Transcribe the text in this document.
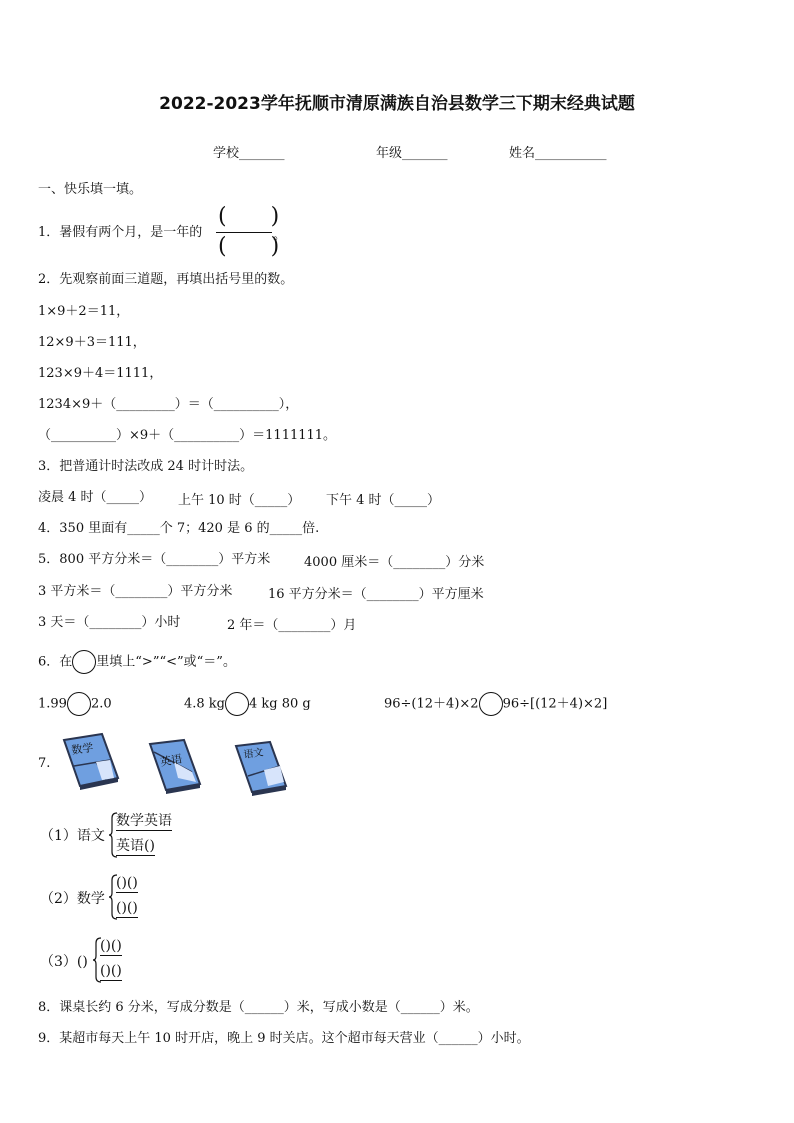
2022-2023学年抚顺市清原满族自治县数学三下期末经典试题
学校_______	年级_______	姓名___________
一、快乐填一填。
1．暑假有两个月，是一年的
(　　)
(　　)
。
2．先观察前面三道题，再填出括号里的数。
1×9＋2＝11，
12×9＋3＝111，
123×9＋4＝1111，
1234×9＋（_________）＝（__________），
（__________）×9＋（__________）＝1111111。
3．把普通计时法改成 24 时计时法。
凌晨 4 时（_____） 上午 10 时（_____） 下午 4 时（_____）
4．350 里面有_____个 7；420 是 6 的_____倍.
5．800 平方分米＝（________）平方米	4000 厘米＝（________）分米
3 平方米＝（________）平方分米	16 平方分米＝（________）平方厘米
3 天＝（________）小时	2 年＝（________）月
6．在 里填上“>”“<”或“＝”。
1.99 2.0	4.8 kg 4 kg 80 g	96÷(12＋4)×2 96÷[(12＋4)×2]
7.
数学
英语	语文
（1）语文
数学英语
英语()
（2）数学
()()
()()
（3）()
()()
()()
8．课桌长约 6 分米，写成分数是（______）米，写成小数是（______）米。
9．某超市每天上午 10 时开店，晚上 9 时关店。这个超市每天营业（______）小时。
